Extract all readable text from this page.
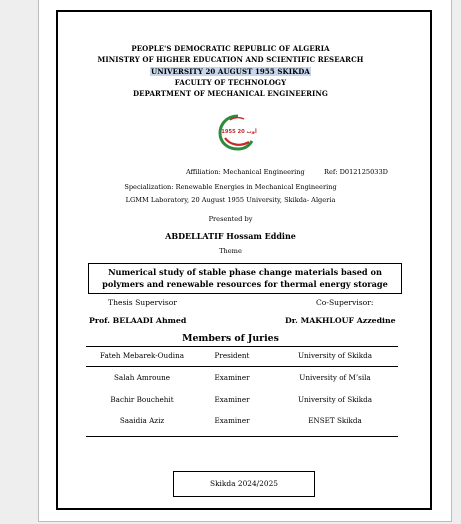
PEOPLE'S DEMOCRATIC REPUBLIC OF ALGERIA
MINISTRY OF HIGHER EDUCATION AND SCIENTIFIC RESEARCH
UNIVERSITY 20 AUGUST 1955 SKIKDA
FACULTY OF TECHNOLOGY
DEPARTMENT OF MECHANICAL ENGINEERING
1955 أوت 20
Affiliation: Mechanical Engineering	Ref: D012125033D
Specialization: Renewable Energies in Mechanical Engineering
LGMM Laboratory, 20 August 1955 University, Skikda- Algeria
Presented by
ABDELLATIF Hossam Eddine
Theme
Numerical study of stable phase change materials based on
polymers and renewable resources for thermal energy storage
Thesis Supervisor
Prof. BELAADI Ahmed
Co-Supervisor:
Dr. MAKHLOUF Azzedine
Members of Juries
Fateh Mebarek-Oudina	President	University of Skikda
Salah Amroune	Examiner	University of M’sila
Bachir Bouchehit	Examiner	University of Skikda
Saaidia Aziz	Examiner	ENSET Skikda
Skikda 2024/2025
